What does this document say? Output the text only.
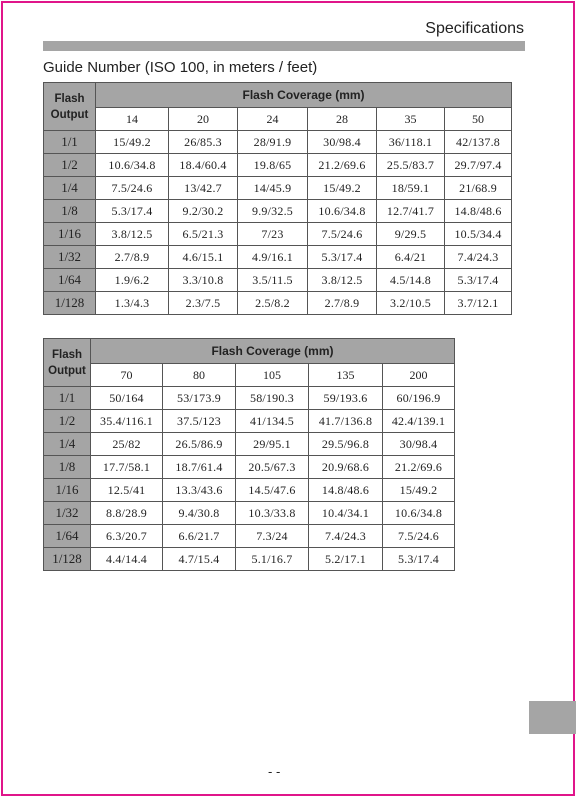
Specifications
Guide Number (ISO 100, in meters / feet)
Flash
Output	Flash Coverage (mm)					
	14	20	24	28	35	50
1/1	15/49.2	26/85.3	28/91.9	30/98.4	36/118.1	42/137.8
1/2	10.6/34.8	18.4/60.4	19.8/65	21.2/69.6	25.5/83.7	29.7/97.4
1/4	7.5/24.6	13/42.7	14/45.9	15/49.2	18/59.1	21/68.9
1/8	5.3/17.4	9.2/30.2	9.9/32.5	10.6/34.8	12.7/41.7	14.8/48.6
1/16	3.8/12.5	6.5/21.3	7/23	7.5/24.6	9/29.5	10.5/34.4
1/32	2.7/8.9	4.6/15.1	4.9/16.1	5.3/17.4	6.4/21	7.4/24.3
1/64	1.9/6.2	3.3/10.8	3.5/11.5	3.8/12.5	4.5/14.8	5.3/17.4
1/128	1.3/4.3	2.3/7.5	2.5/8.2	2.7/8.9	3.2/10.5	3.7/12.1
Flash
Output	Flash Coverage (mm)				
	70	80	105	135	200
1/1	50/164	53/173.9	58/190.3	59/193.6	60/196.9
1/2	35.4/116.1	37.5/123	41/134.5	41.7/136.8	42.4/139.1
1/4	25/82	26.5/86.9	29/95.1	29.5/96.8	30/98.4
1/8	17.7/58.1	18.7/61.4	20.5/67.3	20.9/68.6	21.2/69.6
1/16	12.5/41	13.3/43.6	14.5/47.6	14.8/48.6	15/49.2
1/32	8.8/28.9	9.4/30.8	10.3/33.8	10.4/34.1	10.6/34.8
1/64	6.3/20.7	6.6/21.7	7.3/24	7.4/24.3	7.5/24.6
1/128	4.4/14.4	4.7/15.4	5.1/16.7	5.2/17.1	5.3/17.4
- -
